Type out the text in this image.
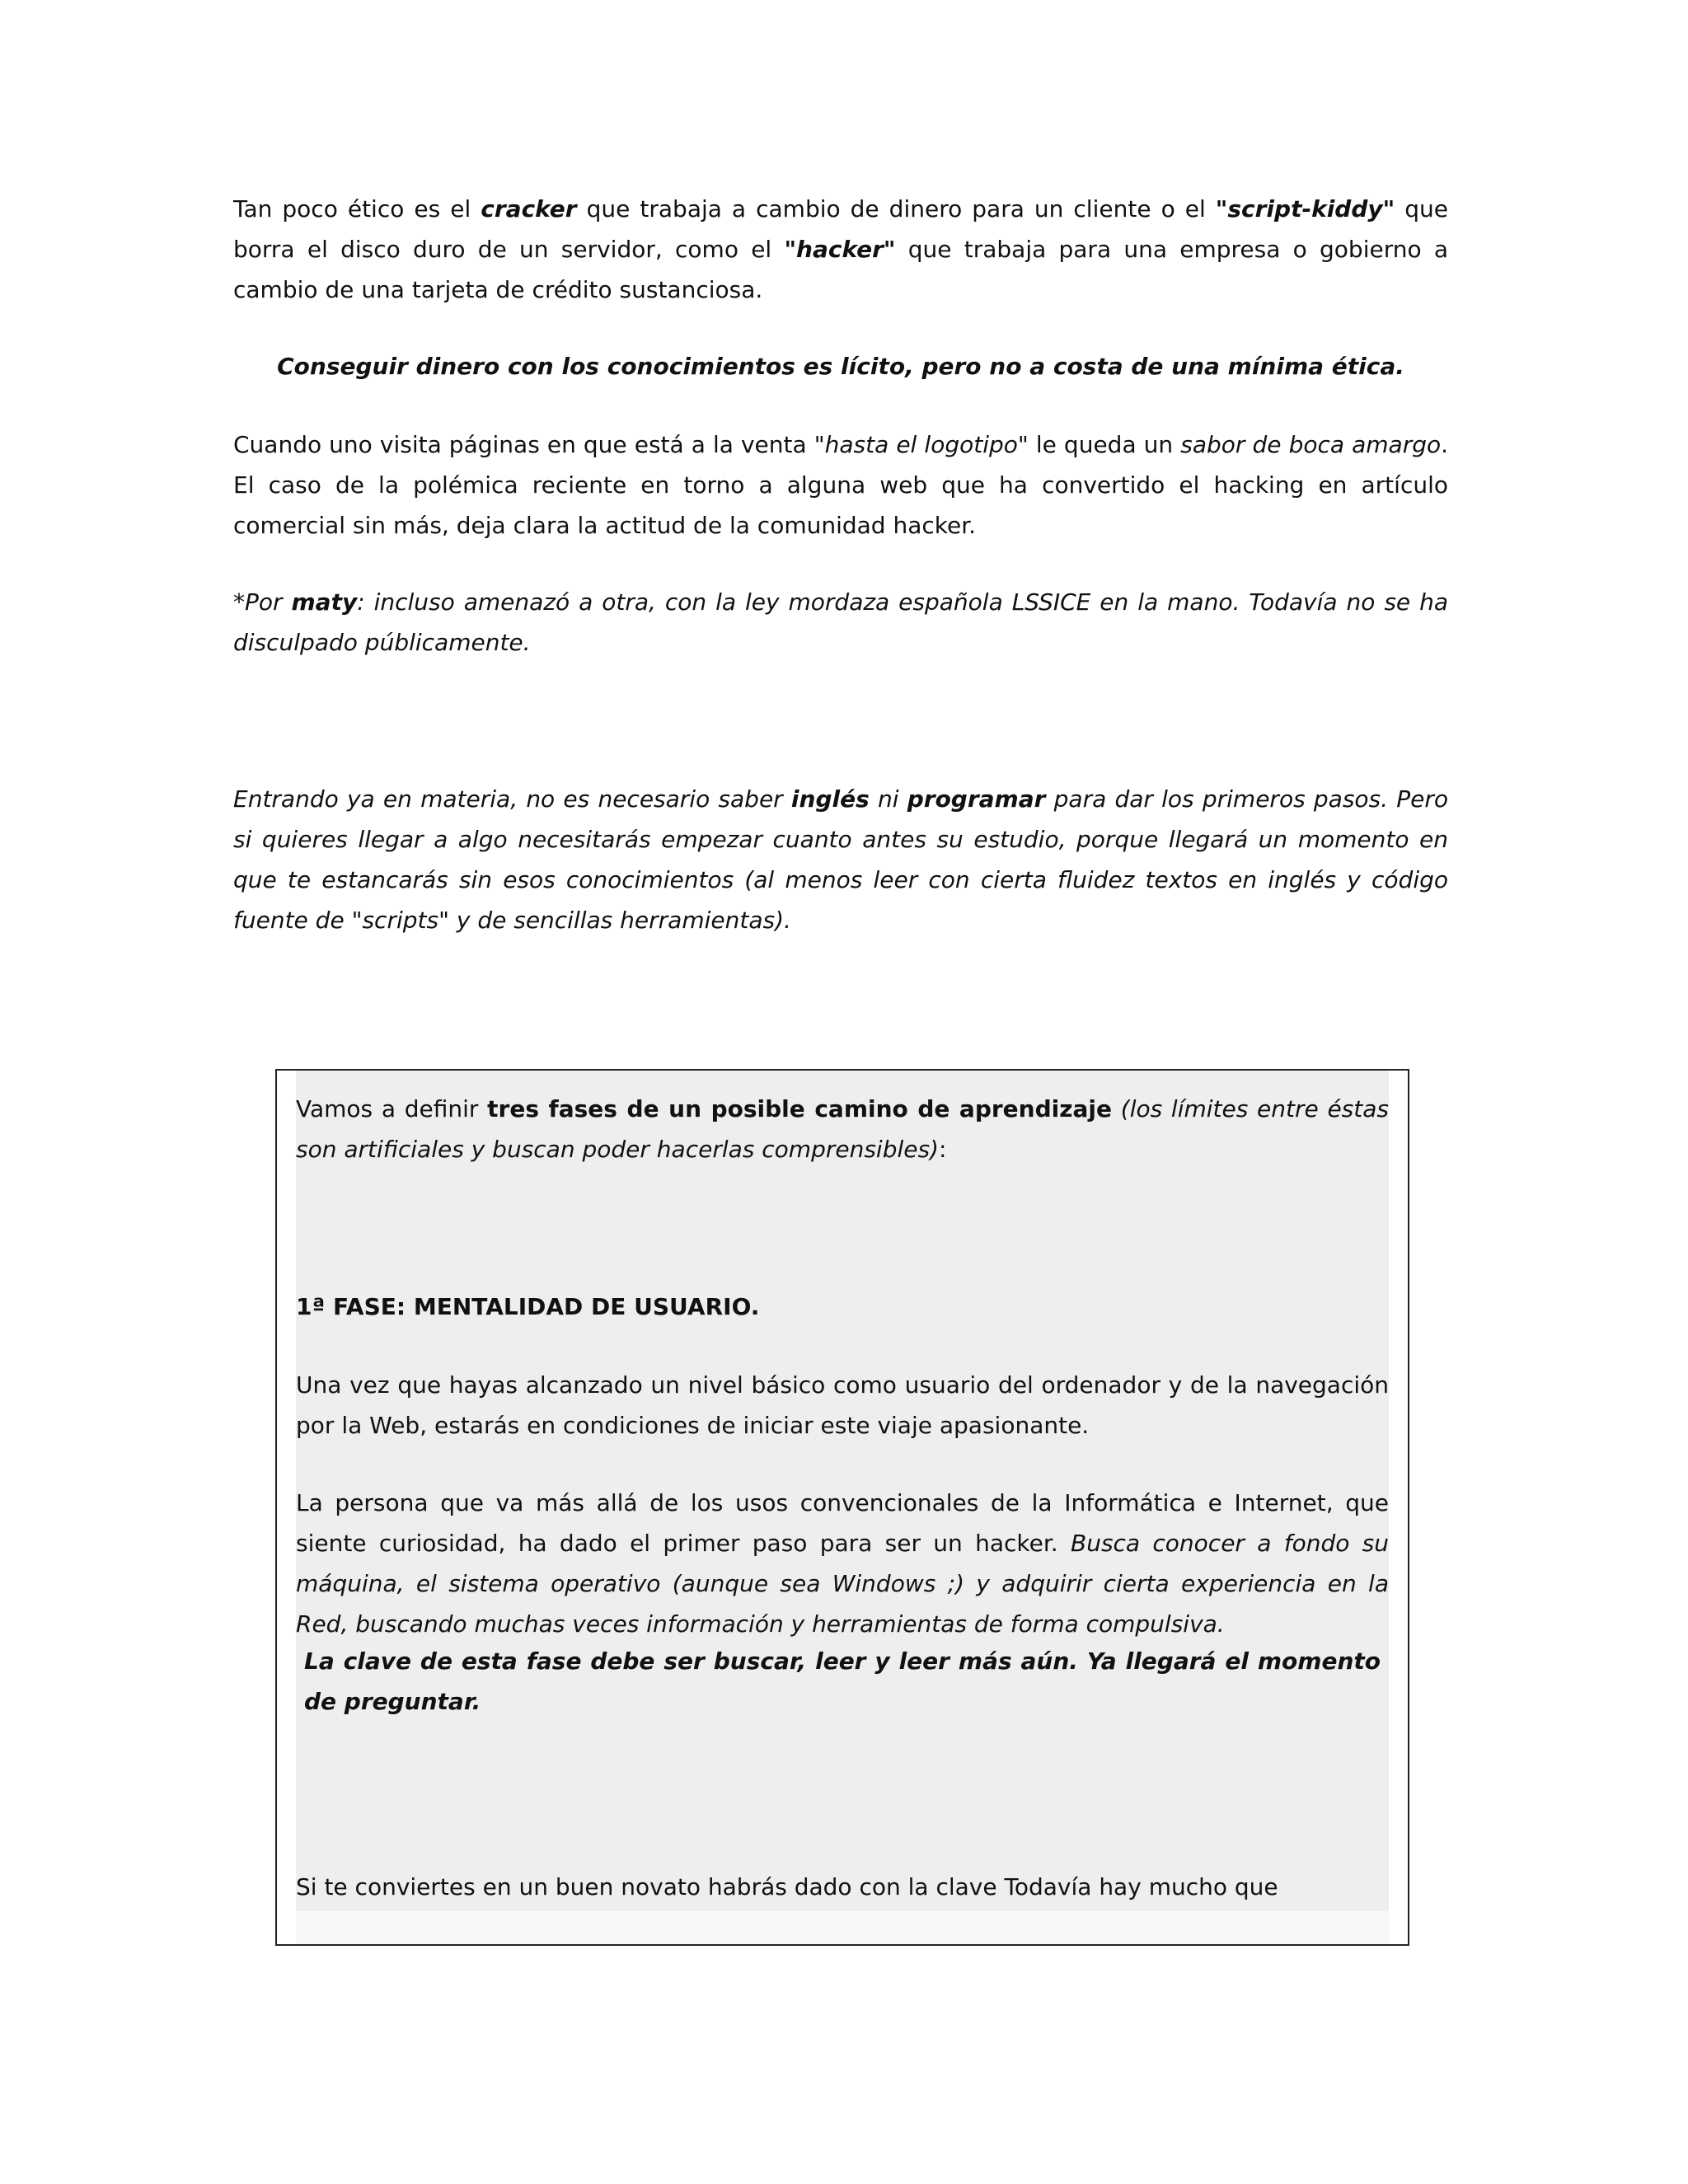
Tan poco ético es el cracker que trabaja a cambio de dinero para un cliente o el "script-kiddy" que borra el disco duro de un servidor, como el "hacker" que trabaja para una empresa o gobierno a cambio de una tarjeta de crédito sustanciosa.

Conseguir dinero con los conocimientos es lícito, pero no a costa de una mínima ética.

Cuando uno visita páginas en que está a la venta "hasta el logotipo" le queda un sabor de boca amargo. El caso de la polémica reciente en torno a alguna web que ha convertido el hacking en artículo comercial sin más, deja clara la actitud de la comunidad hacker.

*Por maty: incluso amenazó a otra, con la ley mordaza española LSSICE en la mano. Todavía no se ha disculpado públicamente.

Entrando ya en materia, no es necesario saber inglés ni programar para dar los primeros pasos. Pero si quieres llegar a algo necesitarás empezar cuanto antes su estudio, porque llegará un momento en que te estancarás sin esos conocimientos (al menos leer con cierta fluidez textos en inglés y código fuente de "scripts" y de sencillas herramientas).

Vamos a definir tres fases de un posible camino de aprendizaje (los límites entre éstas son artificiales y buscan poder hacerlas comprensibles):

1ª FASE: MENTALIDAD DE USUARIO.

Una vez que hayas alcanzado un nivel básico como usuario del ordenador y de la navegación por la Web, estarás en condiciones de iniciar este viaje apasionante.

La persona que va más allá de los usos convencionales de la Informática e Internet, que siente curiosidad, ha dado el primer paso para ser un hacker. Busca conocer a fondo su máquina, el sistema operativo (aunque sea Windows ;) y adquirir cierta experiencia en la Red, buscando muchas veces información y herramientas de forma compulsiva.

La clave de esta fase debe ser buscar, leer y leer más aún. Ya llegará el momento de preguntar.

Si te conviertes en un buen novato habrás dado con la clave Todavía hay mucho que
